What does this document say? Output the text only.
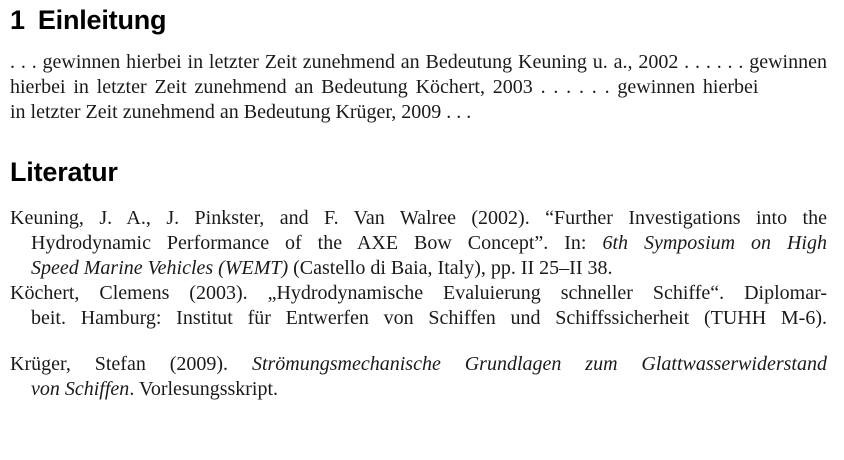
1 Einleitung
. . . gewinnen hierbei in letzter Zeit zunehmend an Bedeutung Keuning u. a., 2002 . . . . . . gewinnen
hierbei in letzter Zeit zunehmend an Bedeutung Köchert, 2003 . . . . . . gewinnen hierbei
in letzter Zeit zunehmend an Bedeutung Krüger, 2009 . . .
Literatur
Keuning, J. A., J. Pinkster, and F. Van Walree (2002). “Further Investigations into the
Hydrodynamic Performance of the AXE Bow Concept”. In: 6th Symposium on High
Speed Marine Vehicles (WEMT) (Castello di Baia, Italy), pp. II 25–II 38.
Köchert, Clemens (2003). „Hydrodynamische Evaluierung schneller Schiffe“. Diplomar-
beit. Hamburg: Institut für Entwerfen von Schiffen und Schiffssicherheit (TUHH M-6).
Krüger, Stefan (2009). Strömungsmechanische Grundlagen zum Glattwasserwiderstand
von Schiffen. Vorlesungsskript.
